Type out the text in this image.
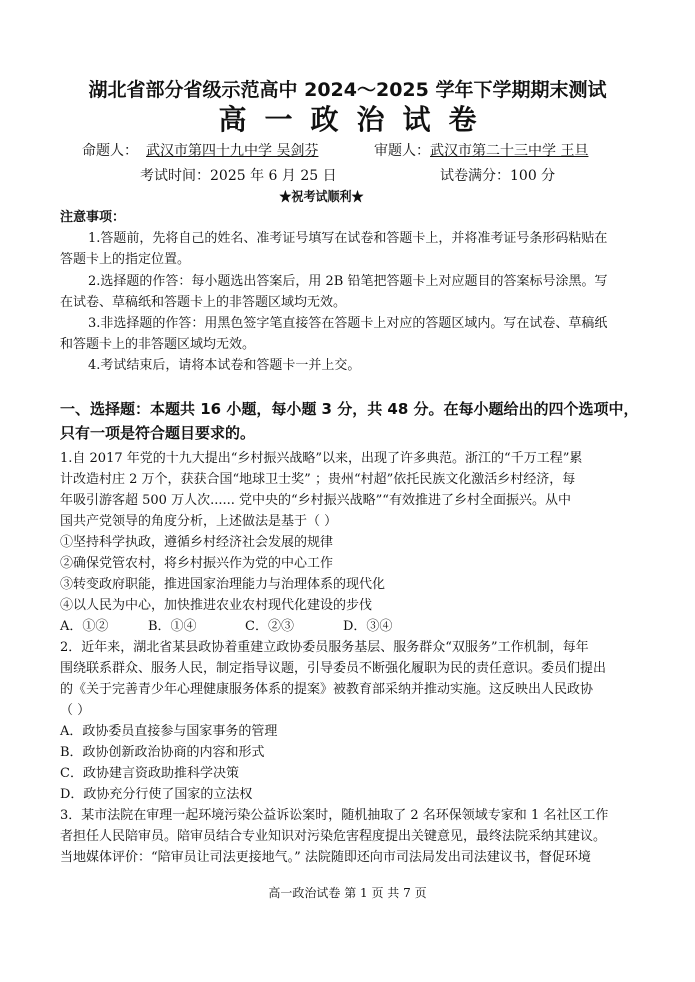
湖北省部分省级示范高中 2024～2025 学年下学期期末测试
高一政治试卷
命题人： 武汉市第四十九中学 吴剑芬	审题人：武汉市第二十三中学 王旦
考试时间：2025 年 6 月 25 日	试卷满分：100 分
★祝考试顺利★
注意事项：
1.答题前，先将自己的姓名、准考证号填写在试卷和答题卡上，并将准考证号条形码粘贴在
答题卡上的指定位置。
2.选择题的作答：每小题选出答案后，用 2B 铅笔把答题卡上对应题目的答案标号涂黑。写
在试卷、草稿纸和答题卡上的非答题区域均无效。
3.非选择题的作答：用黑色签字笔直接答在答题卡上对应的答题区域内。写在试卷、草稿纸
和答题卡上的非答题区域均无效。
4.考试结束后，请将本试卷和答题卡一并上交。
一、选择题：本题共 16 小题，每小题 3 分，共 48 分。在每小题给出的四个选项中，
只有一项是符合题目要求的。
1.自 2017 年党的十九大提出“乡村振兴战略”以来，出现了许多典范。浙江的“千万工程”累
计改造村庄 2 万个，获获合国“地球卫士奖” ；贵州“村超”依托民族文化激活乡村经济，每
年吸引游客超 500 万人次...... 党中央的“乡村振兴战略”“有效推进了乡村全面振兴。从中
国共产党领导的角度分析，上述做法是基于（ ）
①坚持科学执政，遵循乡村经济社会发展的规律
②确保党管农村，将乡村振兴作为党的中心工作
③转变政府职能，推进国家治理能力与治理体系的现代化
④以人民为中心，加快推进农业农村现代化建设的步伐
A．①②	B．①④	C．②③	D．③④
2．近年来，湖北省某县政协着重建立政协委员服务基层、服务群众“双服务”工作机制，每年
围绕联系群众、服务人民，制定指导议题，引导委员不断强化履职为民的责任意识。委员们提出
的《关于完善青少年心理健康服务体系的提案》被教育部采纳并推动实施。这反映出人民政协
（ ）
A．政协委员直接参与国家事务的管理
B．政协创新政治协商的内容和形式
C．政协建言资政助推科学决策
D．政协充分行使了国家的立法权
3．某市法院在审理一起环境污染公益诉讼案时，随机抽取了 2 名环保领域专家和 1 名社区工作
者担任人民陪审员。陪审员结合专业知识对污染危害程度提出关键意见，最终法院采纳其建议。
当地媒体评价：“陪审员让司法更接地气。” 法院随即还向市司法局发出司法建议书，督促环境
高一政治试卷 第 1 页 共 7 页
